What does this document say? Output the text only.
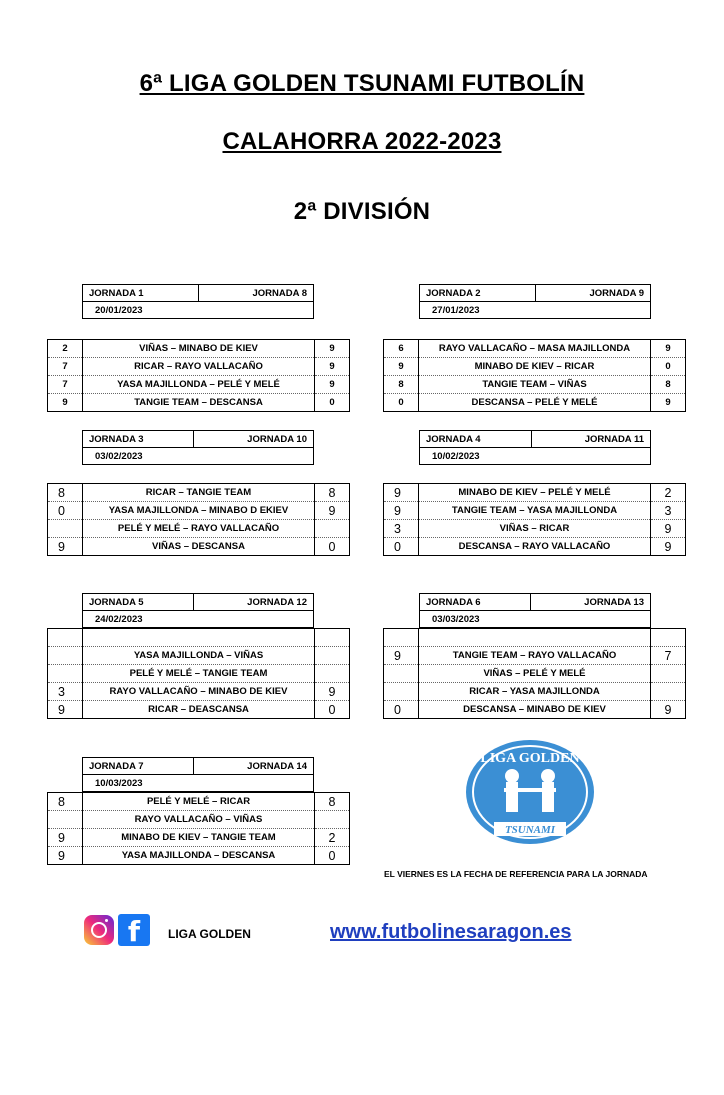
6ª LIGA GOLDEN TSUNAMI FUTBOLÍN
CALAHORRA 2022-2023
2ª DIVISIÓN
JORNADA 1	JORNADA 8
20/01/2023
2	VIÑAS – MINABO DE KIEV	9
7	RICAR – RAYO VALLACAÑO	9
7	YASA MAJILLONDA – PELÉ Y MELÉ	9
9	TANGIE TEAM – DESCANSA	0
JORNADA 2	JORNADA 9
27/01/2023
6	RAYO VALLACAÑO – MASA MAJILLONDA	9
9	MINABO DE KIEV – RICAR	0
8	TANGIE TEAM – VIÑAS	8
0	DESCANSA – PELÉ Y MELÉ	9
JORNADA 3	JORNADA 10
03/02/2023
8	RICAR – TANGIE TEAM	8
0	YASA MAJILLONDA – MINABO D EKIEV	9
	PELÉ Y MELÉ – RAYO VALLACAÑO	
9	VIÑAS – DESCANSA	0
JORNADA 4	JORNADA 11
10/02/2023
9	MINABO DE KIEV – PELÉ Y MELÉ	2
9	TANGIE TEAM – YASA MAJILLONDA	3
3	VIÑAS – RICAR	9
0	DESCANSA – RAYO VALLACAÑO	9
JORNADA 5	JORNADA 12
24/02/2023

	YASA MAJILLONDA – VIÑAS	
	PELÉ Y MELÉ – TANGIE TEAM	
3	RAYO VALLACAÑO – MINABO DE KIEV	9
9	RICAR – DEASCANSA	0
JORNADA 6	JORNADA 13
03/03/2023

9	TANGIE TEAM – RAYO VALLACAÑO	7
	VIÑAS – PELÉ Y MELÉ	
	RICAR – YASA MAJILLONDA	
0	DESCANSA – MINABO DE KIEV	9
JORNADA 7	JORNADA 14
10/03/2023
8	PELÉ Y MELÉ – RICAR	8
	RAYO VALLACAÑO – VIÑAS	
9	MINABO DE KIEV – TANGIE TEAM	2
9	YASA MAJILLONDA – DESCANSA	0
LIGA GOLDEN
TSUNAMI
EL VIERNES ES LA FECHA DE REFERENCIA PARA LA JORNADA
f LIGA GOLDEN	www.futbolinesaragon.es
